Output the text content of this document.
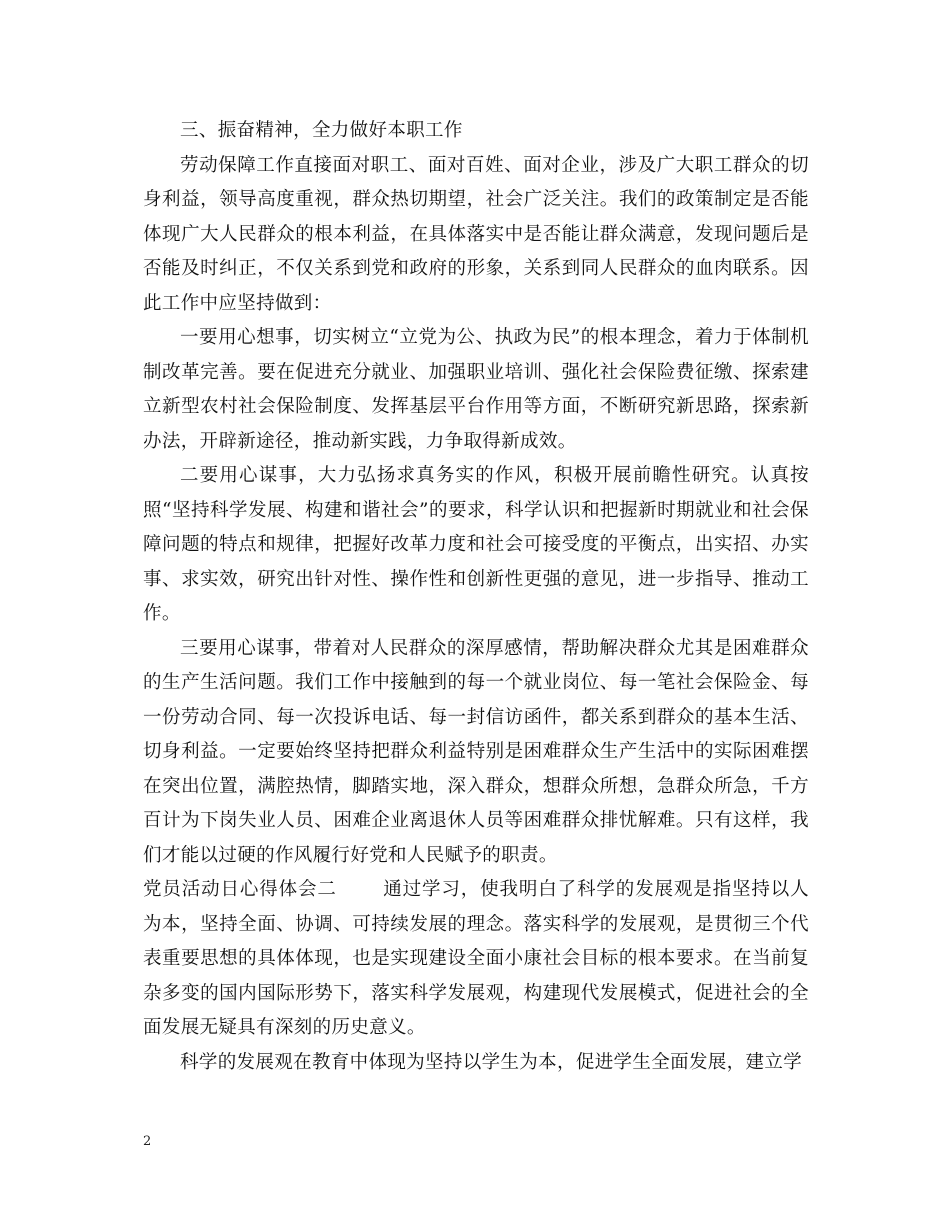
三、振奋精神，全力做好本职工作

劳动保障工作直接面对职工、面对百姓、面对企业，涉及广大职工群众的切身利益，领导高度重视，群众热切期望，社会广泛关注。我们的政策制定是否能体现广大人民群众的根本利益，在具体落实中是否能让群众满意，发现问题后是否能及时纠正，不仅关系到党和政府的形象，关系到同人民群众的血肉联系。因此工作中应坚持做到：

一要用心想事，切实树立“立党为公、执政为民”的根本理念，着力于体制机制改革完善。要在促进充分就业、加强职业培训、强化社会保险费征缴、探索建立新型农村社会保险制度、发挥基层平台作用等方面，不断研究新思路，探索新办法，开辟新途径，推动新实践，力争取得新成效。

二要用心谋事，大力弘扬求真务实的作风，积极开展前瞻性研究。认真按照“坚持科学发展、构建和谐社会”的要求，科学认识和把握新时期就业和社会保障问题的特点和规律，把握好改革力度和社会可接受度的平衡点，出实招、办实事、求实效，研究出针对性、操作性和创新性更强的意见，进一步指导、推动工作。

三要用心谋事，带着对人民群众的深厚感情，帮助解决群众尤其是困难群众的生产生活问题。我们工作中接触到的每一个就业岗位、每一笔社会保险金、每一份劳动合同、每一次投诉电话、每一封信访函件，都关系到群众的基本生活、切身利益。一定要始终坚持把群众利益特别是困难群众生产生活中的实际困难摆在突出位置，满腔热情，脚踏实地，深入群众，想群众所想，急群众所急，千方百计为下岗失业人员、困难企业离退休人员等困难群众排忧解难。只有这样，我们才能以过硬的作风履行好党和人民赋予的职责。

党员活动日心得体会二 通过学习，使我明白了科学的发展观是指坚持以人为本，坚持全面、协调、可持续发展的理念。落实科学的发展观，是贯彻三个代表重要思想的具体体现，也是实现建设全面小康社会目标的根本要求。在当前复杂多变的国内国际形势下，落实科学发展观，构建现代发展模式，促进社会的全面发展无疑具有深刻的历史意义。

科学的发展观在教育中体现为坚持以学生为本，促进学生全面发展，建立学

2
